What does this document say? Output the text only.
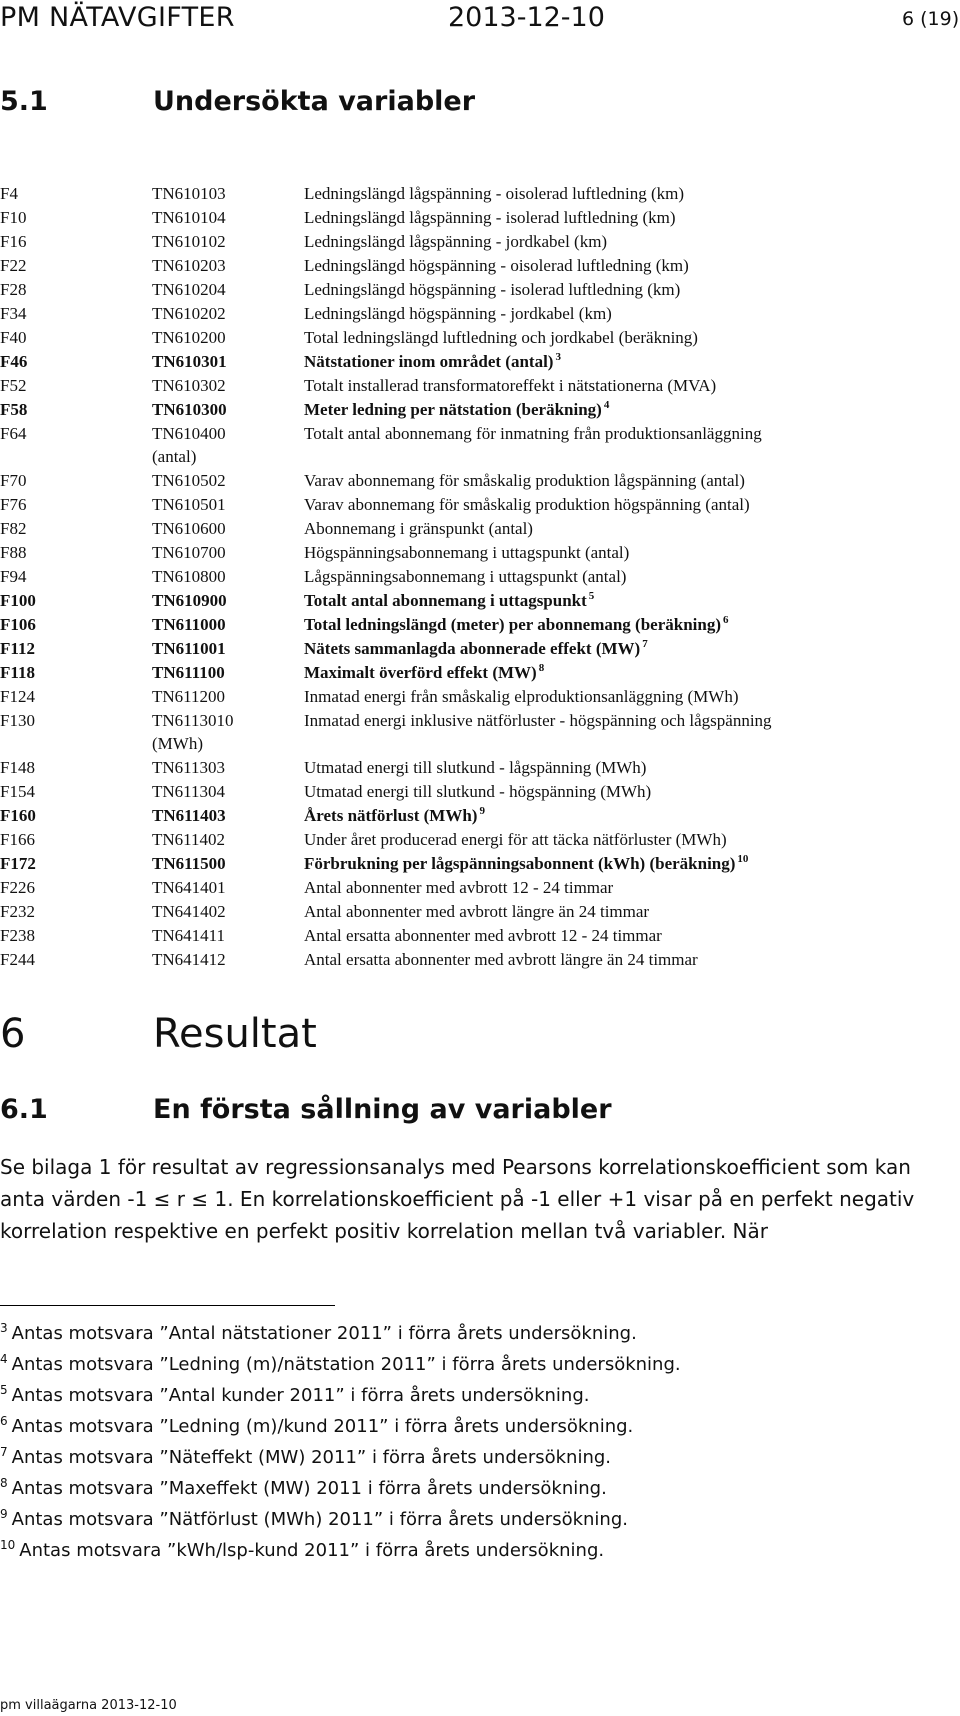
PM NÄTAVGIFTER	2013-12-10	6 (19)
5.1	Undersökta variabler
F4	TN610103	Ledningslängd lågspänning - oisolerad luftledning (km)
F10	TN610104	Ledningslängd lågspänning - isolerad luftledning (km)
F16	TN610102	Ledningslängd lågspänning - jordkabel (km)
F22	TN610203	Ledningslängd högspänning - oisolerad luftledning (km)
F28	TN610204	Ledningslängd högspänning - isolerad luftledning (km)
F34	TN610202	Ledningslängd högspänning - jordkabel (km)
F40	TN610200	Total ledningslängd luftledning och jordkabel (beräkning)
F46	TN610301	Nätstationer inom området (antal) $^3$
F52	TN610302	Totalt installerad transformatoreffekt i nätstationerna (MVA)
F58	TN610300	Meter ledning per nätstation (beräkning) $^4$
F64	TN610400	Totalt antal abonnemang för inmatning från produktionsanläggning
(antal)
F70	TN610502	Varav abonnemang för småskalig produktion lågspänning (antal)
F76	TN610501	Varav abonnemang för småskalig produktion högspänning (antal)
F82	TN610600	Abonnemang i gränspunkt (antal)
F88	TN610700	Högspänningsabonnemang i uttagspunkt (antal)
F94	TN610800	Lågspänningsabonnemang i uttagspunkt (antal)
F100	TN610900	Totalt antal abonnemang i uttagspunkt $^5$
F106	TN611000	Total ledningslängd (meter) per abonnemang (beräkning) $^6$
F112	TN611001	Nätets sammanlagda abonnerade effekt (MW) $^7$
F118	TN611100	Maximalt överförd effekt (MW) $^8$
F124	TN611200	Inmatad energi från småskalig elproduktionsanläggning (MWh)
F130	TN6113010	Inmatad energi inklusive nätförluster - högspänning och lågspänning
(MWh)
F148	TN611303	Utmatad energi till slutkund - lågspänning (MWh)
F154	TN611304	Utmatad energi till slutkund - högspänning (MWh)
F160	TN611403	Årets nätförlust (MWh) $^9$
F166	TN611402	Under året producerad energi för att täcka nätförluster (MWh)
F172	TN611500	Förbrukning per lågspänningsabonnent (kWh) (beräkning) $^{10}$
F226	TN641401	Antal abonnenter med avbrott 12 - 24 timmar
F232	TN641402	Antal abonnenter med avbrott längre än 24 timmar
F238	TN641411	Antal ersatta abonnenter med avbrott 12 - 24 timmar
F244	TN641412	Antal ersatta abonnenter med avbrott längre än 24 timmar
6	Resultat
6.1	En första sållning av variabler
Se bilaga 1 för resultat av regressionsanalys med Pearsons korrelationskoefficient som kan anta värden -1 ≤ r ≤ 1. En korrelationskoefficient på -1 eller +1 visar på en perfekt negativ korrelation respektive en perfekt positiv korrelation mellan två variabler. När
$^3$ Antas motsvara ”Antal nätstationer 2011” i förra årets undersökning.
$^4$ Antas motsvara ”Ledning (m)/nätstation 2011” i förra årets undersökning.
$^5$ Antas motsvara ”Antal kunder 2011” i förra årets undersökning.
$^6$ Antas motsvara ”Ledning (m)/kund 2011” i förra årets undersökning.
$^7$ Antas motsvara ”Näteffekt (MW) 2011” i förra årets undersökning.
$^8$ Antas motsvara ”Maxeffekt (MW) 2011 i förra årets undersökning.
$^9$ Antas motsvara ”Nätförlust (MWh) 2011” i förra årets undersökning.
$^{10}$ Antas motsvara ”kWh/lsp-kund 2011” i förra årets undersökning.
pm villaägarna 2013-12-10
